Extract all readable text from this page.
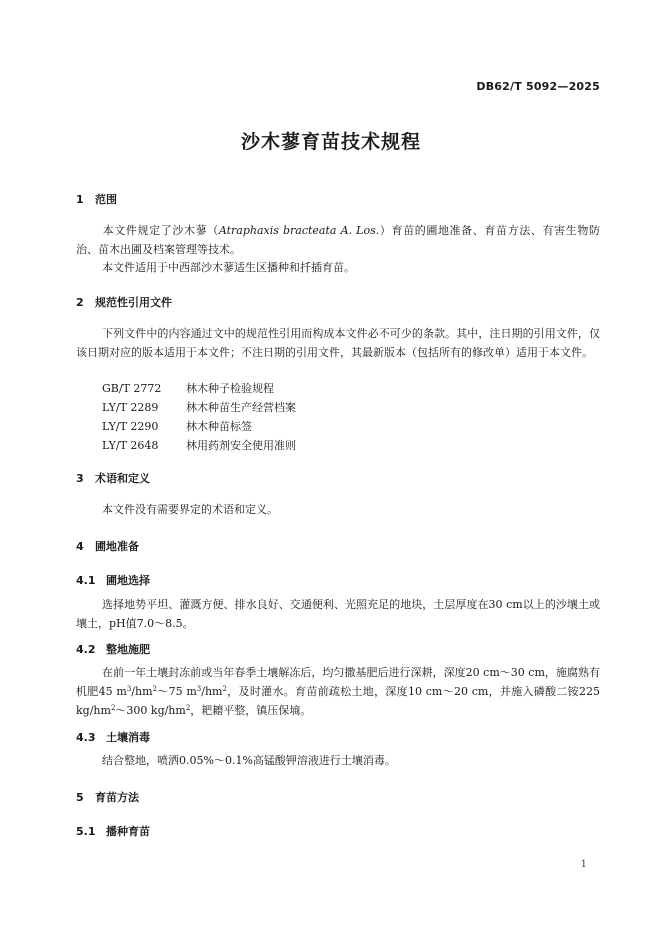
DB62/T 5092—2025
沙木蓼育苗技术规程
1 范围
本文件规定了沙木蓼（Atraphaxis bracteata A. Los.）育苗的圃地准备、育苗方法、有害生物防治、苗木出圃及档案管理等技术。
本文件适用于中西部沙木蓼适生区播种和扦插育苗。
2 规范性引用文件
下列文件中的内容通过文中的规范性引用而构成本文件必不可少的条款。其中，注日期的引用文件，仅该日期对应的版本适用于本文件；不注日期的引用文件，其最新版本（包括所有的修改单）适用于本文件。
GB/T 2772 林木种子检验规程
LY/T 2289	林木种苗生产经营档案
LY/T 2290	林木种苗标签
LY/T 2648	林用药剂安全使用准则
3 术语和定义
本文件没有需要界定的术语和定义。
4 圃地准备
4.1 圃地选择
选择地势平坦、灌溉方便、排水良好、交通便利、光照充足的地块，土层厚度在30 cm以上的沙壤土或壤土，pH值7.0～8.5。
4.2 整地施肥
在前一年土壤封冻前或当年春季土壤解冻后，均匀撒基肥后进行深耕，深度20 cm～30 cm，施腐熟有机肥45 $m^3/hm^2\sim 75$ $m^3/hm^2$，及时灌水。育苗前疏松土地，深度10 cm～20 cm，并施入磷酸二铵225 $kg/hm^2\sim 300$ $kg/hm^2$，耙耱平整，镇压保墒。
4.3 土壤消毒
结合整地，喷洒0.05%～0.1%高锰酸钾溶液进行土壤消毒。
5 育苗方法
5.1 播种育苗
1
